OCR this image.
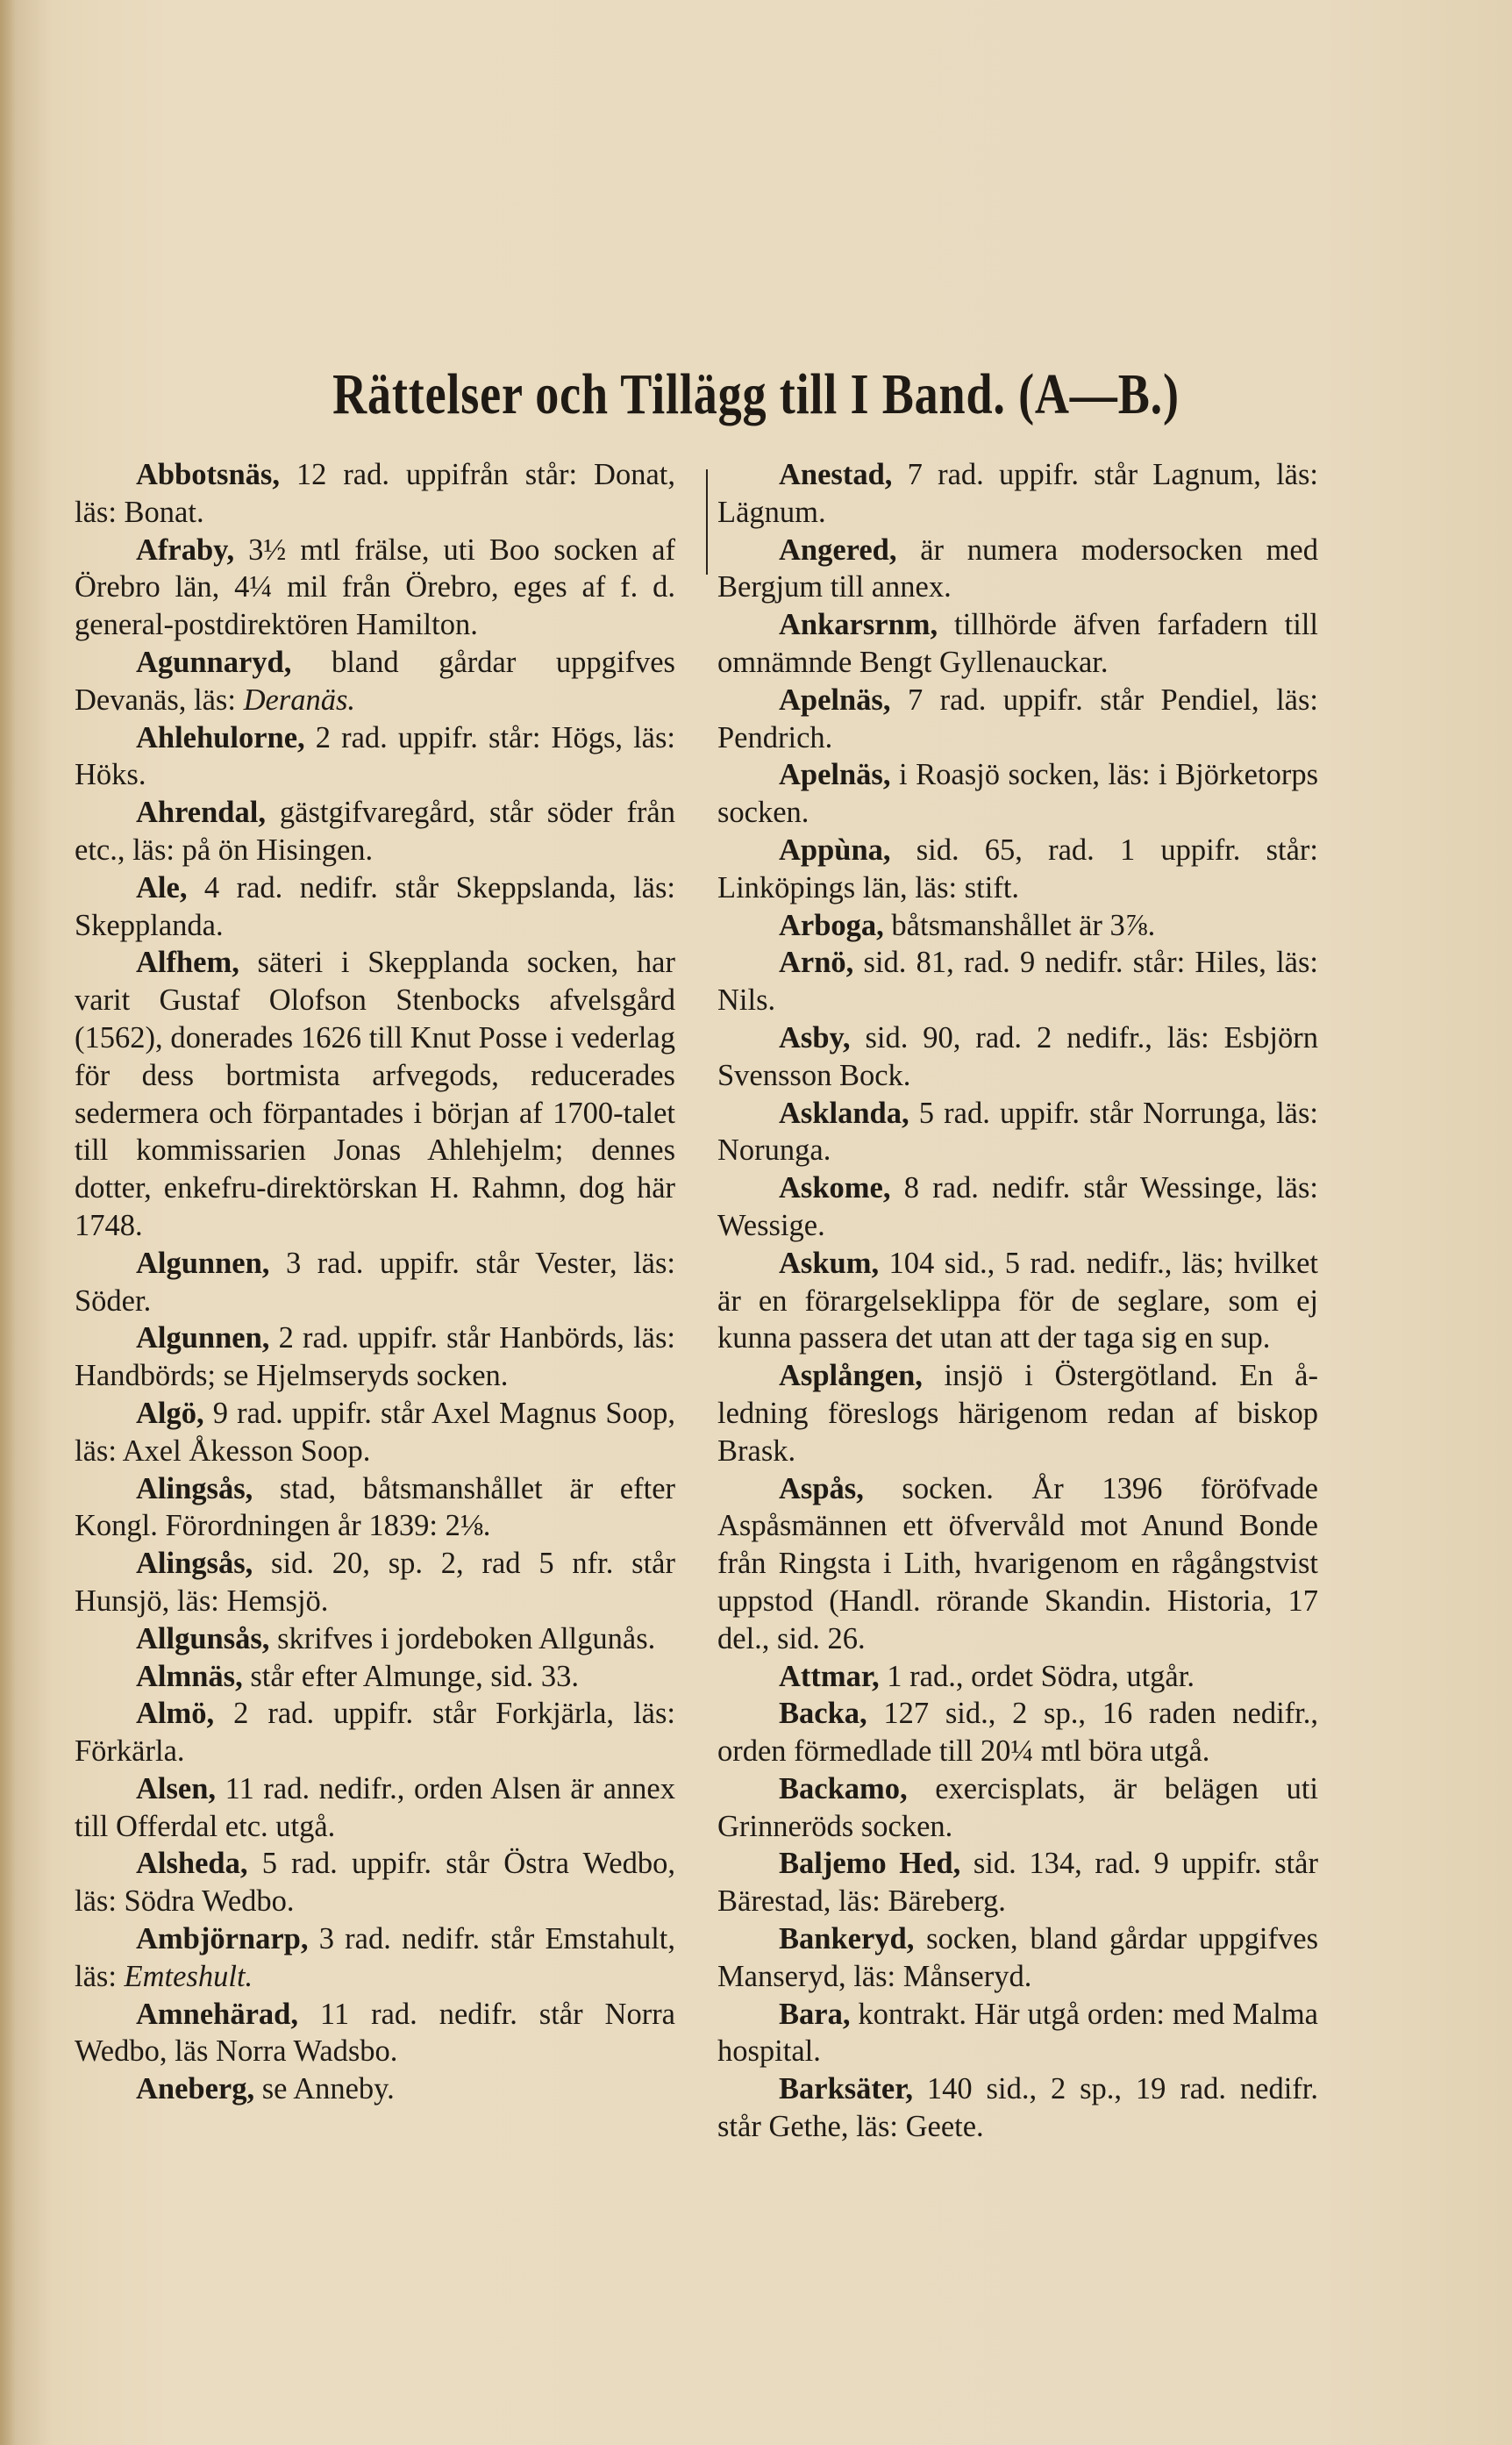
Rättelser och Tillägg till I Band. (A—B.)

Abbotsnäs, 12 rad. uppifrån står: Donat, läs: Bonat.

Afraby, 3½ mtl frälse, uti Boo socken af Örebro län, 4¼ mil från Örebro, eges af f. d. general-postdirektören Hamilton.

Agunnaryd, bland gårdar uppgifves Devanäs, läs: Deranäs.

Ahlehulorne, 2 rad. uppifr. står: Högs, läs: Höks.

Ahrendal, gästgifvaregård, står söder från etc., läs: på ön Hisingen.

Ale, 4 rad. nedifr. står Skeppslanda, läs: Skepplanda.

Alfhem, säteri i Skepplanda socken, har varit Gustaf Olofson Stenbocks afvelsgård (1562), donerades 1626 till Knut Posse i vederlag för dess bortmista arfvegods, reducerades sedermera och förpantades i början af 1700-talet till kommissarien Jonas Ahlehjelm; dennes dotter, enkefru-direktörskan H. Rahmn, dog här 1748.

Algunnen, 3 rad. uppifr. står Vester, läs: Söder.

Algunnen, 2 rad. uppifr. står Hanbörds, läs: Handbörds; se Hjelmseryds socken.

Algö, 9 rad. uppifr. står Axel Magnus Soop, läs: Axel Åkesson Soop.

Alingsås, stad, båtsmanshållet är efter Kongl. Förordningen år 1839: 2⅛.

Alingsås, sid. 20, sp. 2, rad 5 nfr. står Hunsjö, läs: Hemsjö.

Allgunsås, skrifves i jordeboken Allgunås.

Almnäs, står efter Almunge, sid. 33.

Almö, 2 rad. uppifr. står Forkjärla, läs: Förkärla.

Alsen, 11 rad. nedifr., orden Alsen är annex till Offerdal etc. utgå.

Alsheda, 5 rad. uppifr. står Östra Wedbo, läs: Södra Wedbo.

Ambjörnarp, 3 rad. nedifr. står Emstahult, läs: Emteshult.

Amnehärad, 11 rad. nedifr. står Norra Wedbo, läs Norra Wadsbo.

Aneberg, se Anneby.

Anestad, 7 rad. uppifr. står Lagnum, läs: Lägnum.

Angered, är numera modersocken med Bergjum till annex.

Ankarsrnm, tillhörde äfven farfadern till omnämnde Bengt Gyllenauckar.

Apelnäs, 7 rad. uppifr. står Pendiel, läs: Pendrich.

Apelnäs, i Roasjö socken, läs: i Björketorps socken.

Appùna, sid. 65, rad. 1 uppifr. står: Linköpings län, läs: stift.

Arboga, båtsmanshållet är 3⅞.

Arnö, sid. 81, rad. 9 nedifr. står: Hiles, läs: Nils.

Asby, sid. 90, rad. 2 nedifr., läs: Esbjörn Svensson Bock.

Asklanda, 5 rad. uppifr. står Norrunga, läs: Norunga.

Askome, 8 rad. nedifr. står Wessinge, läs: Wessige.

Askum, 104 sid., 5 rad. nedifr., läs; hvilket är en förargelseklippa för de seglare, som ej kunna passera det utan att der taga sig en sup.

Asplången, insjö i Östergötland. En å-ledning föreslogs härigenom redan af biskop Brask.

Aspås, socken. År 1396 föröfvade Aspåsmännen ett öfvervåld mot Anund Bonde från Ringsta i Lith, hvarigenom en rågångstvist uppstod (Handl. rörande Skandin. Historia, 17 del., sid. 26.

Attmar, 1 rad., ordet Södra, utgår.

Backa, 127 sid., 2 sp., 16 raden nedifr., orden förmedlade till 20¼ mtl böra utgå.

Backamo, exercisplats, är belägen uti Grinneröds socken.

Baljemo Hed, sid. 134, rad. 9 uppifr. står Bärestad, läs: Bäreberg.

Bankeryd, socken, bland gårdar uppgifves Manseryd, läs: Månseryd.

Bara, kontrakt. Här utgå orden: med Malma hospital.

Barksäter, 140 sid., 2 sp., 19 rad. nedifr. står Gethe, läs: Geete.
